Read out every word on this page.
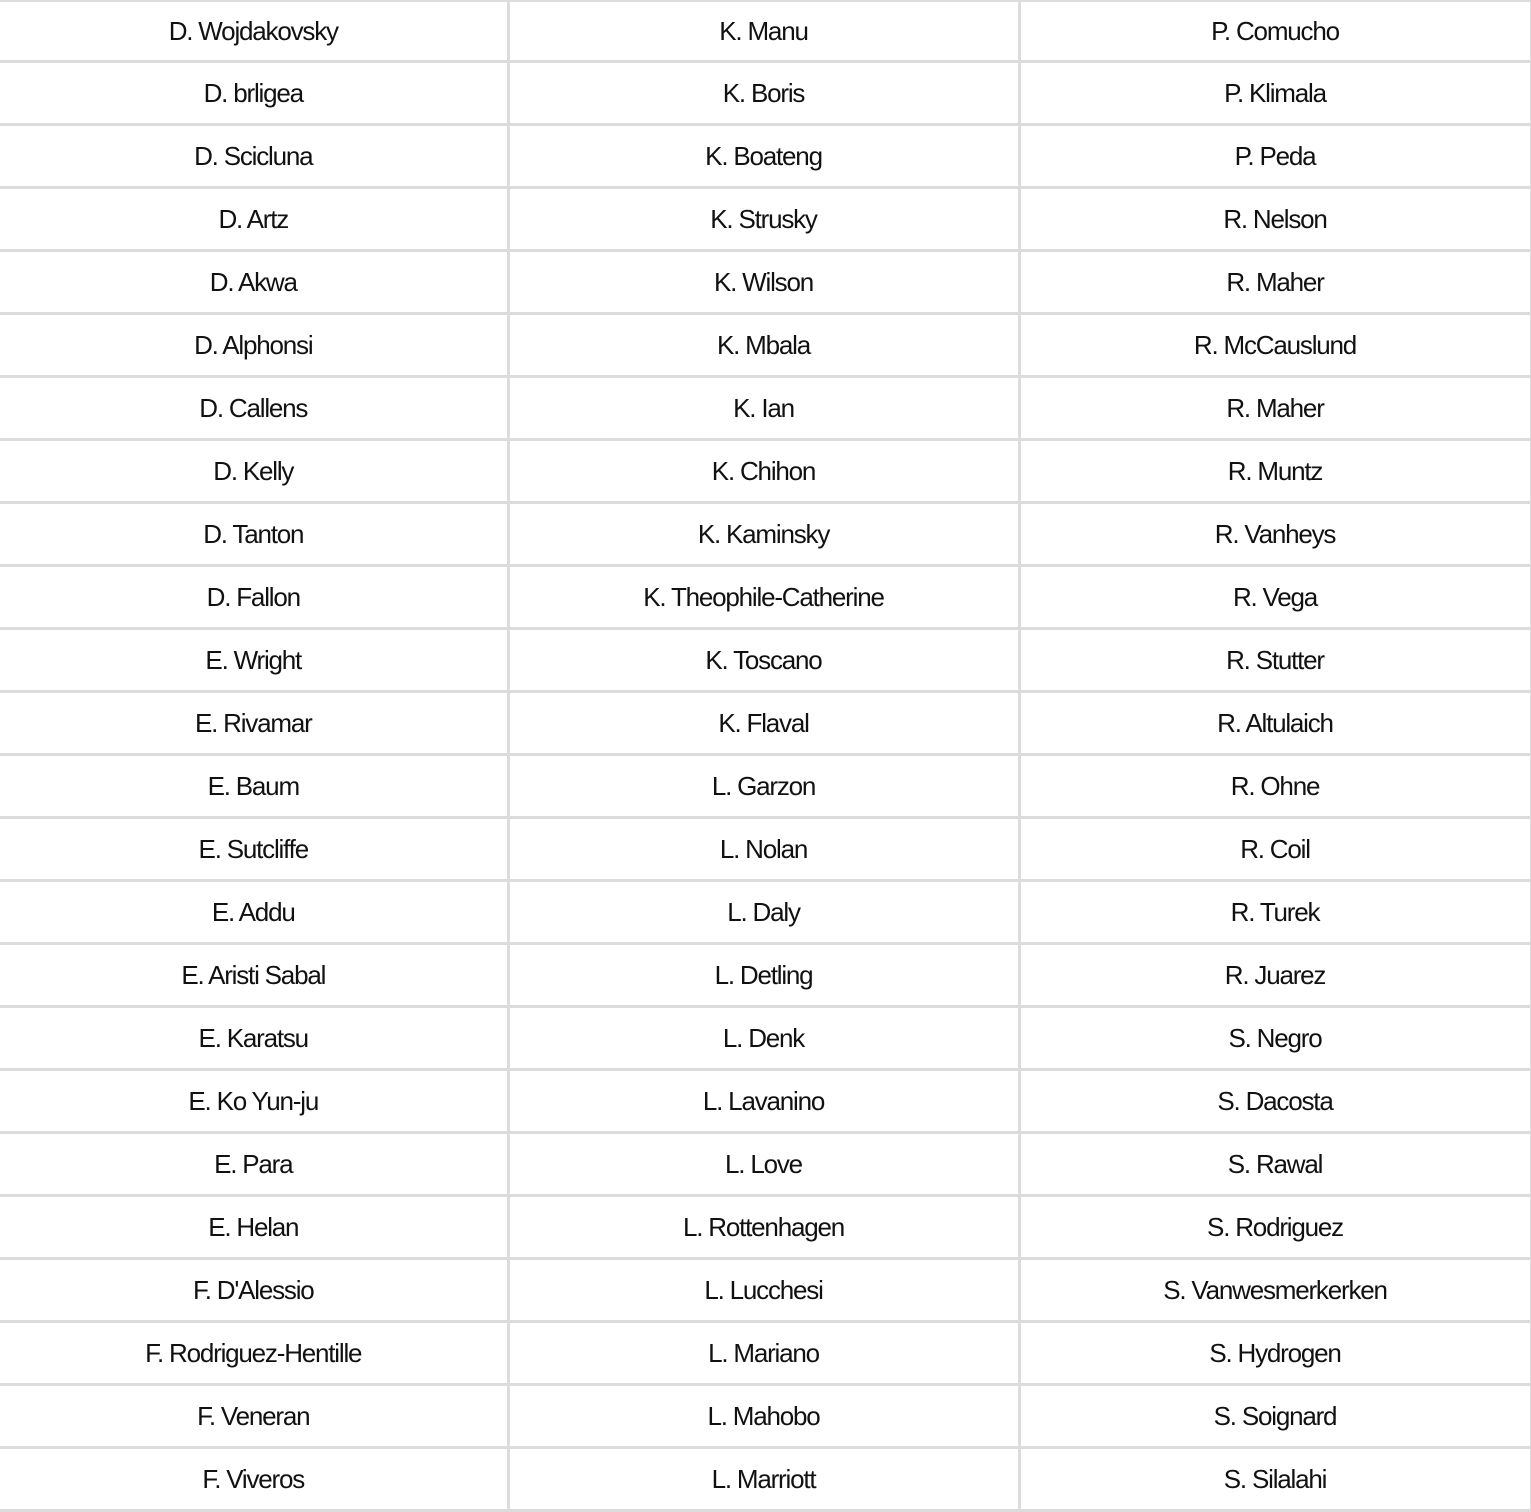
D. Wojdakovsky	K. Manu	P. Comucho
D. brligea	K. Boris	P. Klimala
D. Scicluna	K. Boateng	P. Peda
D. Artz	K. Strusky	R. Nelson
D. Akwa	K. Wilson	R. Maher
D. Alphonsi	K. Mbala	R. McCauslund
D. Callens	K. Ian	R. Maher
D. Kelly	K. Chihon	R. Muntz
D. Tanton	K. Kaminsky	R. Vanheys
D. Fallon	K. Theophile-Catherine	R. Vega
E. Wright	K. Toscano	R. Stutter
E. Rivamar	K. Flaval	R. Altulaich
E. Baum	L. Garzon	R. Ohne
E. Sutcliffe	L. Nolan	R. Coil
E. Addu	L. Daly	R. Turek
E. Aristi Sabal	L. Detling	R. Juarez
E. Karatsu	L. Denk	S. Negro
E. Ko Yun-ju	L. Lavanino	S. Dacosta
E. Para	L. Love	S. Rawal
E. Helan	L. Rottenhagen	S. Rodriguez
F. D'Alessio	L. Lucchesi	S. Vanwesmerkerken
F. Rodriguez-Hentille	L. Mariano	S. Hydrogen
F. Veneran	L. Mahobo	S. Soignard
F. Viveros	L. Marriott	S. Silalahi
